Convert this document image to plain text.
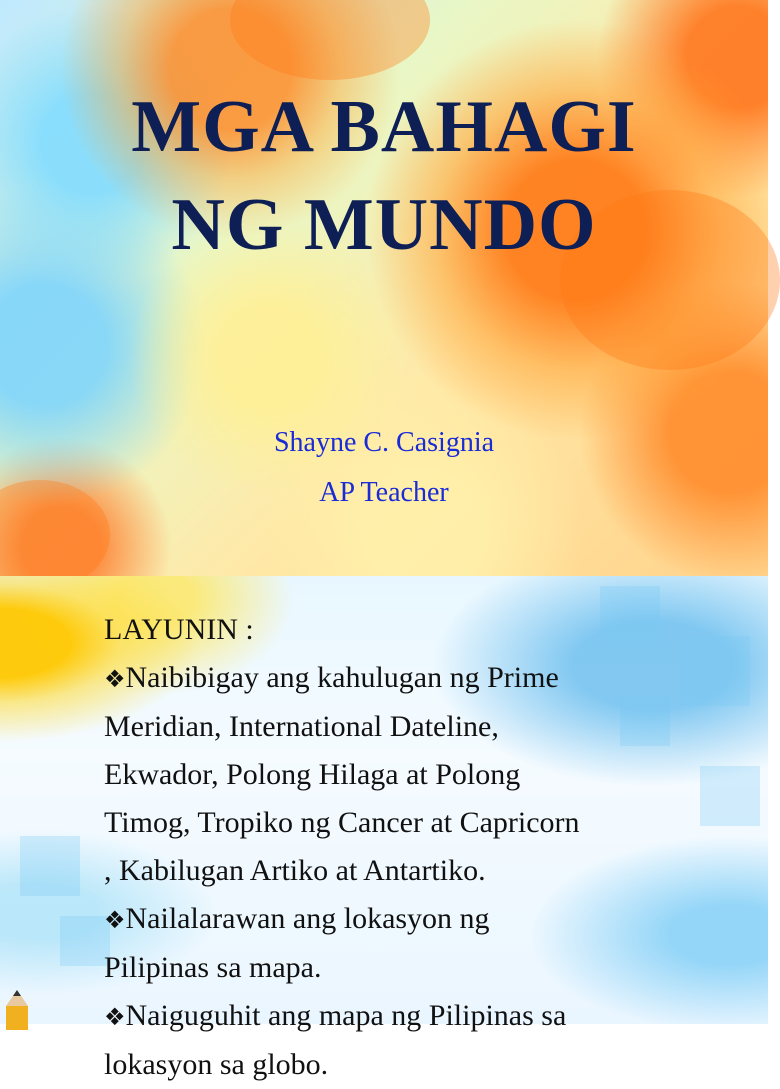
MGA BAHAGI
NG MUNDO
Shayne C. Casignia
AP Teacher

LAYUNIN :

❖Naibibigay ang kahulugan ng Prime

Meridian, International Dateline,

Ekwador, Polong Hilaga at Polong

Timog, Tropiko ng Cancer at Capricorn

, Kabilugan Artiko at Antartiko.

❖Nailalarawan ang lokasyon ng

Pilipinas sa mapa.

❖Naiguguhit ang mapa ng Pilipinas sa

lokasyon sa globo.
